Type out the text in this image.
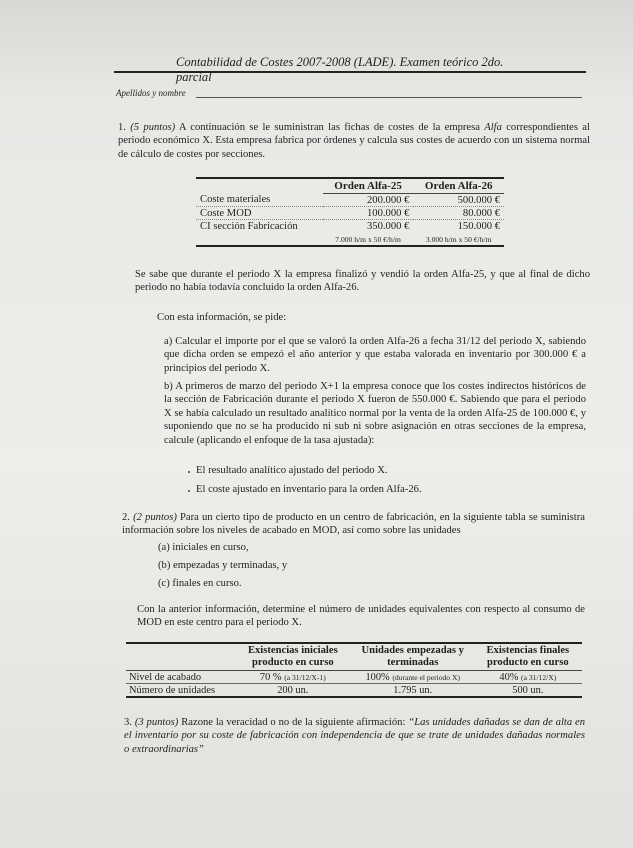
Contabilidad de Costes 2007-2008 (LADE). Examen teórico 2do. parcial
Apellidos y nombre
1. (5 puntos) A continuación se le suministran las fichas de costes de la empresa Alfa correspondientes al periodo económico X. Esta empresa fabrica por órdenes y calcula sus costes de acuerdo con un sistema normal de cálculo de costes por secciones.

	Orden Alfa-25	Orden Alfa-26
Coste materiales	200.000 €	500.000 €
Coste MOD	100.000 €	80.000 €
CI sección Fabricación	350.000 €	150.000 €
	7.000 h/m x 50 €/h/m	3.000 h/m x 50 €/h/m
Se sabe que durante el periodo X la empresa finalizó y vendió la orden Alfa-25, y que al final de dicho periodo no había todavía concluido la orden Alfa-26.
Con esta información, se pide:
a) Calcular el importe por el que se valoró la orden Alfa-26 a fecha 31/12 del periodo X, sabiendo que dicha orden se empezó el año anterior y que estaba valorada en inventario por 300.000 € a principios del periodo X.
b) A primeros de marzo del periodo X+1 la empresa conoce que los costes indirectos históricos de la sección de Fabricación durante el periodo X fueron de 550.000 €. Sabiendo que para el periodo X se había calculado un resultado analítico normal por la venta de la orden Alfa-25 de 100.000 €, y suponiendo que no se ha producido ni sub ni sobre asignación en otras secciones de la empresa, calcule (aplicando el enfoque de la tasa ajustada):
El resultado analítico ajustado del periodo X.
El coste ajustado en inventario para la orden Alfa-26.
2. (2 puntos) Para un cierto tipo de producto en un centro de fabricación, en la siguiente tabla se suministra información sobre los niveles de acabado en MOD, así como sobre las unidades
(a) iniciales en curso,
(b) empezadas y terminadas, y
(c) finales en curso.
Con la anterior información, determine el número de unidades equivalentes con respecto al consumo de MOD en este centro para el periodo X.
	Existencias iniciales producto en curso	Unidades empezadas y terminadas	Existencias finales producto en curso
Nivel de acabado	70 % (a 31/12/X-1)	100% (durante el periodo X)	40% (a 31/12/X)
Número de unidades	200 un.	1.795 un.	500 un.
3. (3 puntos) Razone la veracidad o no de la siguiente afirmación: “Las unidades dañadas se dan de alta en el inventario por su coste de fabricación con independencia de que se trate de unidades dañadas normales o extraordinarias”
